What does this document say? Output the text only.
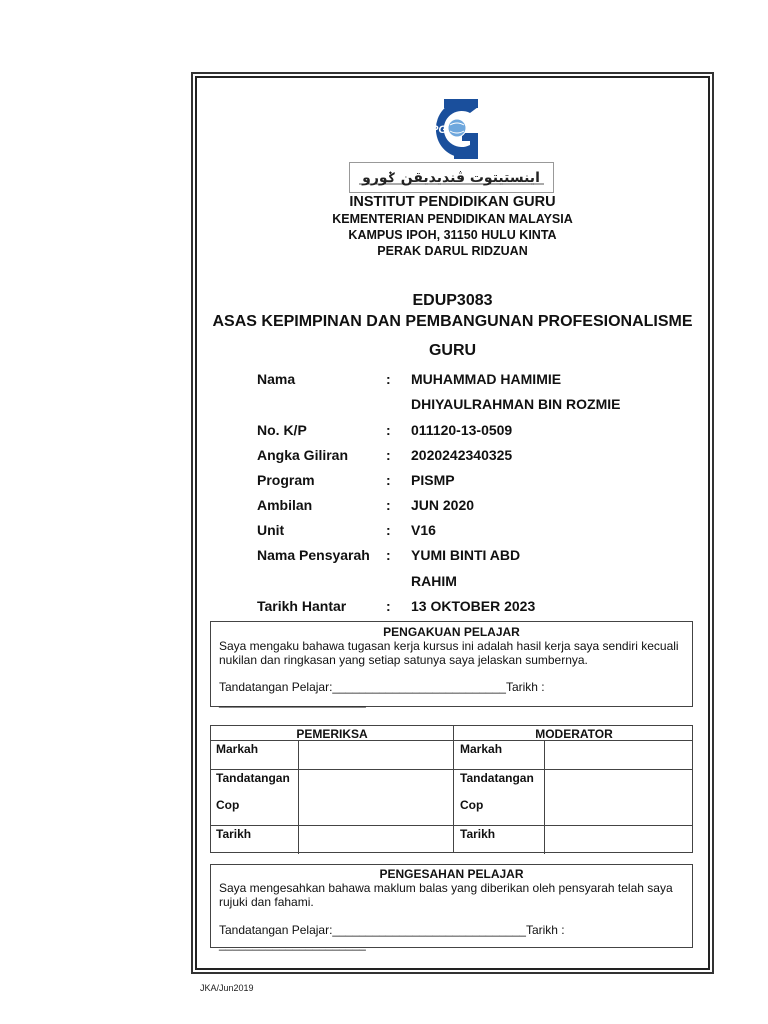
iPG
اينستيتوت ڤنديديقن ݢورو
INSTITUT PENDIDIKAN GURU
KEMENTERIAN PENDIDIKAN MALAYSIA
KAMPUS IPOH, 31150 HULU KINTA
PERAK DARUL RIDZUAN
EDUP3083
ASAS KEPIMPINAN DAN PEMBANGUNAN PROFESIONALISME
GURU
Nama	: MUHAMMAD HAMIMIE
DHIYAULRAHMAN BIN ROZMIE
No. K/P	: 011120-13-0509
Angka Giliran	: 2020242340325
Program	: PISMP
Ambilan	: JUN 2020
Unit	: V16
Nama Pensyarah : YUMI BINTI ABD
RAHIM
Tarikh Hantar	: 13 OKTOBER 2023
PENGAKUAN PELAJAR
Saya mengaku bahawa tugasan kerja kursus ini adalah hasil kerja saya sendiri kecuali
nukilan dan ringkasan yang setiap satunya saya jelaskan sumbernya.
Tandatangan Pelajar:__________________________Tarikh : ______________________
PEMERIKSA	MODERATOR
Markah	Markah
Tandatangan	Tandatangan
Cop	Cop
Tarikh	Tarikh
PENGESAHAN PELAJAR
Saya mengesahkan bahawa maklum balas yang diberikan oleh pensyarah telah saya
rujuki dan fahami.
Tandatangan Pelajar:_____________________________Tarikh : ______________________
JKA/Jun2019
